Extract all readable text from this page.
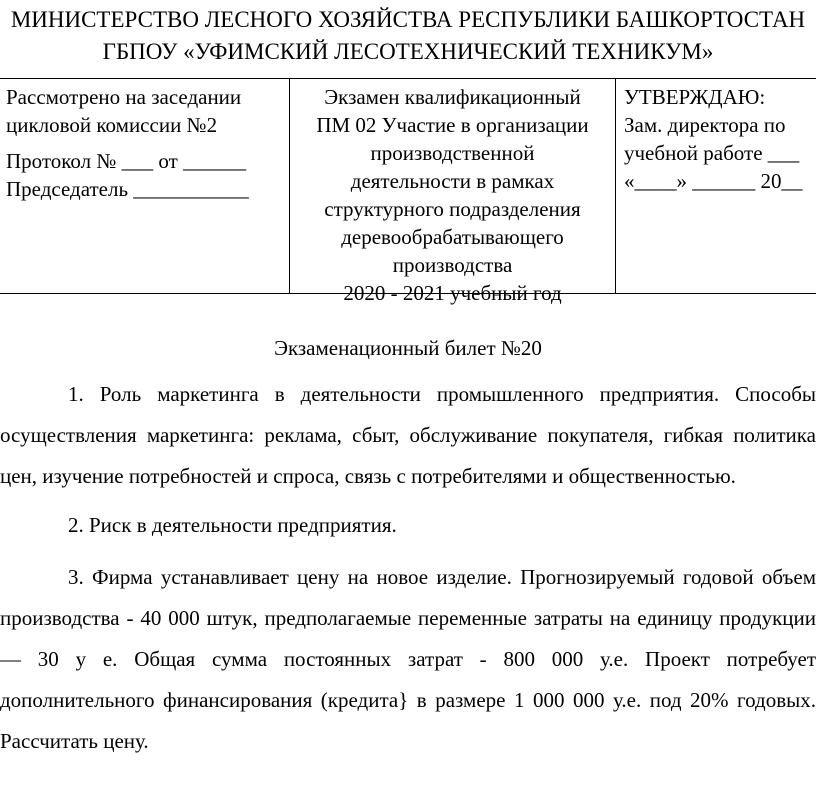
МИНИСТЕРСТВО ЛЕСНОГО ХОЗЯЙСТВА РЕСПУБЛИКИ БАШКОРТОСТАН
ГБПОУ «УФИМСКИЙ ЛЕСОТЕХНИЧЕСКИЙ ТЕХНИКУМ»
Рассмотрено на заседании
цикловой комиссии №2
Протокол № ___ от ______
Председатель ___________
Экзамен квалификационный
ПМ 02 Участие в организации
производственной
деятельности в рамках
структурного подразделения
деревообрабатывающего
производства
2020 - 2021 учебный год
УТВЕРЖДАЮ:
Зам. директора по
учебной работе ___
«____» ______ 20__
Экзаменационный билет №20

1. Роль маркетинга в деятельности промышленного предприятия. Способы осуществления маркетинга: реклама, сбыт, обслуживание покупателя, гибкая политика цен, изучение потребностей и спроса, связь с потребителями и общественностью.

2. Риск в деятельности предприятия.

3. Фирма устанавливает цену на новое изделие. Прогнозируемый годовой объем производства - 40 000 штук, предполагаемые переменные затраты на единицу продукции — 30 у е. Общая сумма постоянных затрат - 800 000 у.е. Проект потребует дополнительного финансирования (кредита} в размере 1 000 000 у.е. под 20% годовых. Рассчитать цену.
